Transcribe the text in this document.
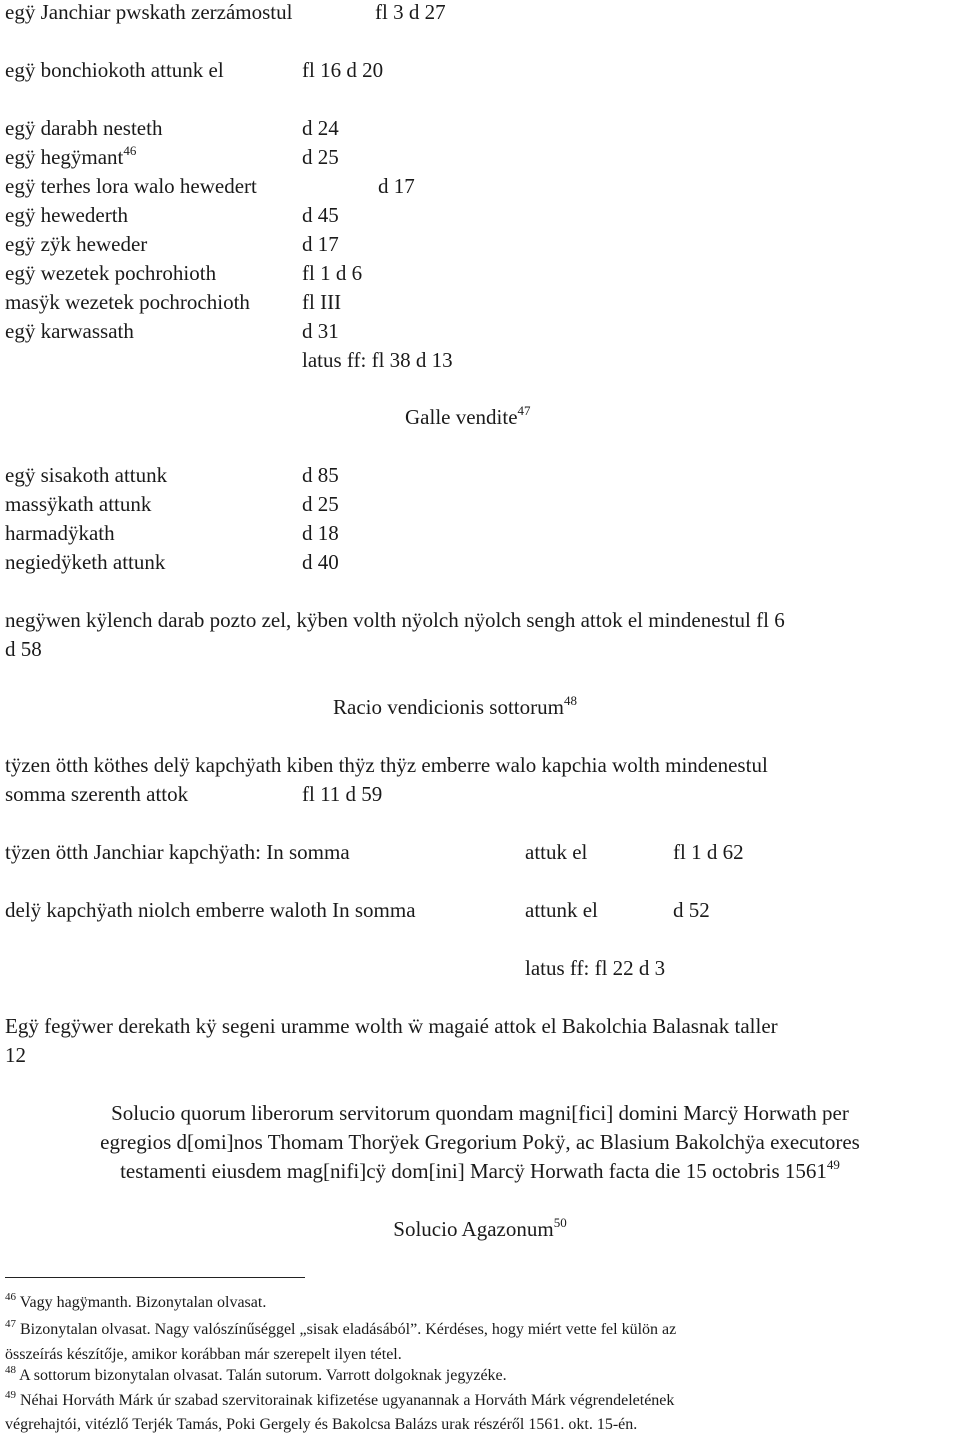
egÿ Janchiar pwskath zerzámostul	fl 3 d 27
egÿ bonchiokoth attunk el	fl 16 d 20
egÿ darabh nesteth	d 24
egÿ hegÿmant$^{46}$	d 25
egÿ terhes lora walo hewedert	d 17
egÿ hewederth	d 45
egÿ zÿk heweder	d 17
egÿ wezetek pochrohioth	fl 1 d 6
masÿk wezetek pochrochioth fl III
egÿ karwassath	d 31
latus ff: fl 38 d 13
Galle vendite$^{47}$
egÿ sisakoth attunk	d 85
massÿkath attunk	d 25
harmadÿkath	d 18
negiedÿketh attunk	d 40
negÿwen kÿlench darab pozto zel, kÿben volth nÿolch nÿolch sengh attok el mindenestul fl 6
d 58
Racio vendicionis sottorum$^{48}$
tÿzen ötth köthes delÿ kapchÿath kiben thÿz thÿz emberre walo kapchia wolth mindenestul
somma szerenth attok	fl 11 d 59
tÿzen ötth Janchiar kapchÿath: In somma	attuk el	fl 1 d 62
delÿ kapchÿath niolch emberre waloth In somma	attunk el	d 52
latus ff: fl 22 d 3
Egÿ fegÿwer derekath kÿ segeni uramme wolth ẅ magaié attok el Bakolchia Balasnak taller
12
Solucio quorum liberorum servitorum quondam magni[fici] domini Marcÿ Horwath per
egregios d[omi]nos Thomam Thorÿek Gregorium Pokÿ, ac Blasium Bakolchÿa executores
testamenti eiusdem mag[nifi]cÿ dom[ini] Marcÿ Horwath facta die 15 octobris 1561$^{49}$
Solucio Agazonum$^{50}$
$^{46}$ Vagy hagÿmanth. Bizonytalan olvasat.
$^{47}$ Bizonytalan olvasat. Nagy valószínűséggel „sisak eladásából”. Kérdéses, hogy miért vette fel külön az
összeírás készítője, amikor korábban már szerepelt ilyen tétel.
$^{48}$ A sottorum bizonytalan olvasat. Talán sutorum. Varrott dolgoknak jegyzéke.
$^{49}$ Néhai Horváth Márk úr szabad szervitorainak kifizetése ugyanannak a Horváth Márk végrendeletének
végrehajtói, vitézlő Terjék Tamás, Poki Gergely és Bakolcsa Balázs urak részéről 1561. okt. 15-én.
